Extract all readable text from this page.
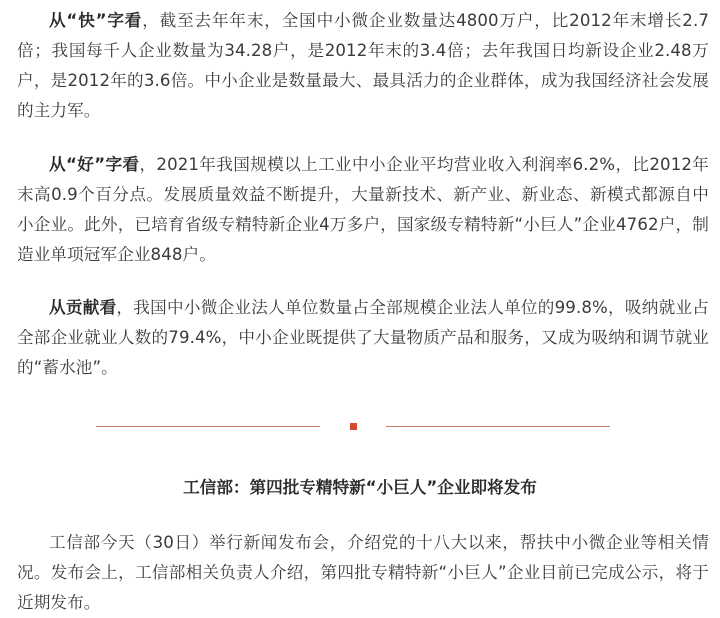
从“快”字看，截至去年年末，全国中小微企业数量达4800万户，比2012年末增长2.7倍；我国每千人企业数量为34.28户，是2012年末的3.4倍；去年我国日均新设企业2.48万户，是2012年的3.6倍。中小企业是数量最大、最具活力的企业群体，成为我国经济社会发展的主力军。

从“好”字看，2021年我国规模以上工业中小企业平均营业收入利润率6.2%，比2012年末高0.9个百分点。发展质量效益不断提升，大量新技术、新产业、新业态、新模式都源自中小企业。此外，已培育省级专精特新企业4万多户，国家级专精特新“小巨人”企业4762户，制造业单项冠军企业848户。

从贡献看，我国中小微企业法人单位数量占全部规模企业法人单位的99.8%，吸纳就业占全部企业就业人数的79.4%，中小企业既提供了大量物质产品和服务，又成为吸纳和调节就业的“蓄水池”。

工信部：第四批专精特新“小巨人”企业即将发布

工信部今天（30日）举行新闻发布会，介绍党的十八大以来，帮扶中小微企业等相关情况。发布会上，工信部相关负责人介绍，第四批专精特新“小巨人”企业目前已完成公示，将于近期发布。
